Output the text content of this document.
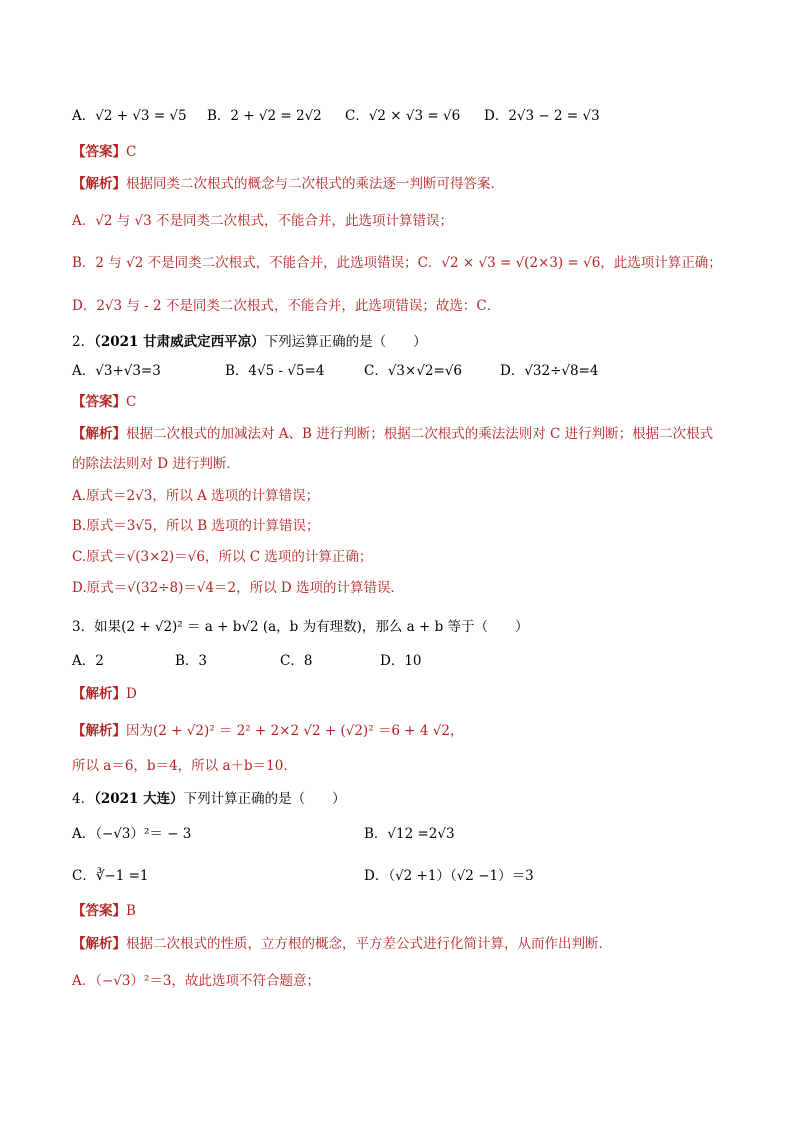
A．√2 + √3 = √5 B．2 + √2 = 2√2 C．√2 × √3 = √6 D．2√3 − 2 = √3
【答案】C
【解析】根据同类二次根式的概念与二次根式的乘法逐一判断可得答案．
A．√2 与 √3 不是同类二次根式，不能合并，此选项计算错误；
B．2 与 √2 不是同类二次根式，不能合并，此选项错误；C．√2 × √3 = √(2×3) = √6，此选项计算正确；
D．2√3 与 - 2 不是同类二次根式，不能合并，此选项错误；故选：C．
2．（2021 甘肃威武定西平凉）下列运算正确的是（　　）
A．√3+√3=3	B．4√5 - √5=4	C．√3×√2=√6	D．√32÷√8=4
【答案】C
【解析】根据二次根式的加减法对 A、B 进行判断；根据二次根式的乘法法则对 C 进行判断；根据二次根式
的除法法则对 D 进行判断．
A.原式＝2√3，所以 A 选项的计算错误；
B.原式＝3√5，所以 B 选项的计算错误；
C.原式＝√(3×2)＝√6，所以 C 选项的计算正确；
D.原式＝√(32÷8)＝√4＝2，所以 D 选项的计算错误．
3．如果(2 + √2)² ＝ a + b√2 (a，b 为有理数)，那么 a + b 等于（　　）
A．2	B．3	C．8	D．10
【解析】D
【解析】因为(2 + √2)² ＝ 2² + 2×2 √2 + (√2)² ＝6 + 4 √2，
所以 a＝6，b＝4，所以 a＋b＝10．
4．（2021 大连）下列计算正确的是（　　）
A．（−√3）²＝ − 3	B．√12 =2√3
C．∛−1 =1	D．（√2 +1）（√2 −1）＝3
【答案】B
【解析】根据二次根式的性质，立方根的概念，平方差公式进行化简计算，从而作出判断．
A．（−√3）²＝3，故此选项不符合题意；
